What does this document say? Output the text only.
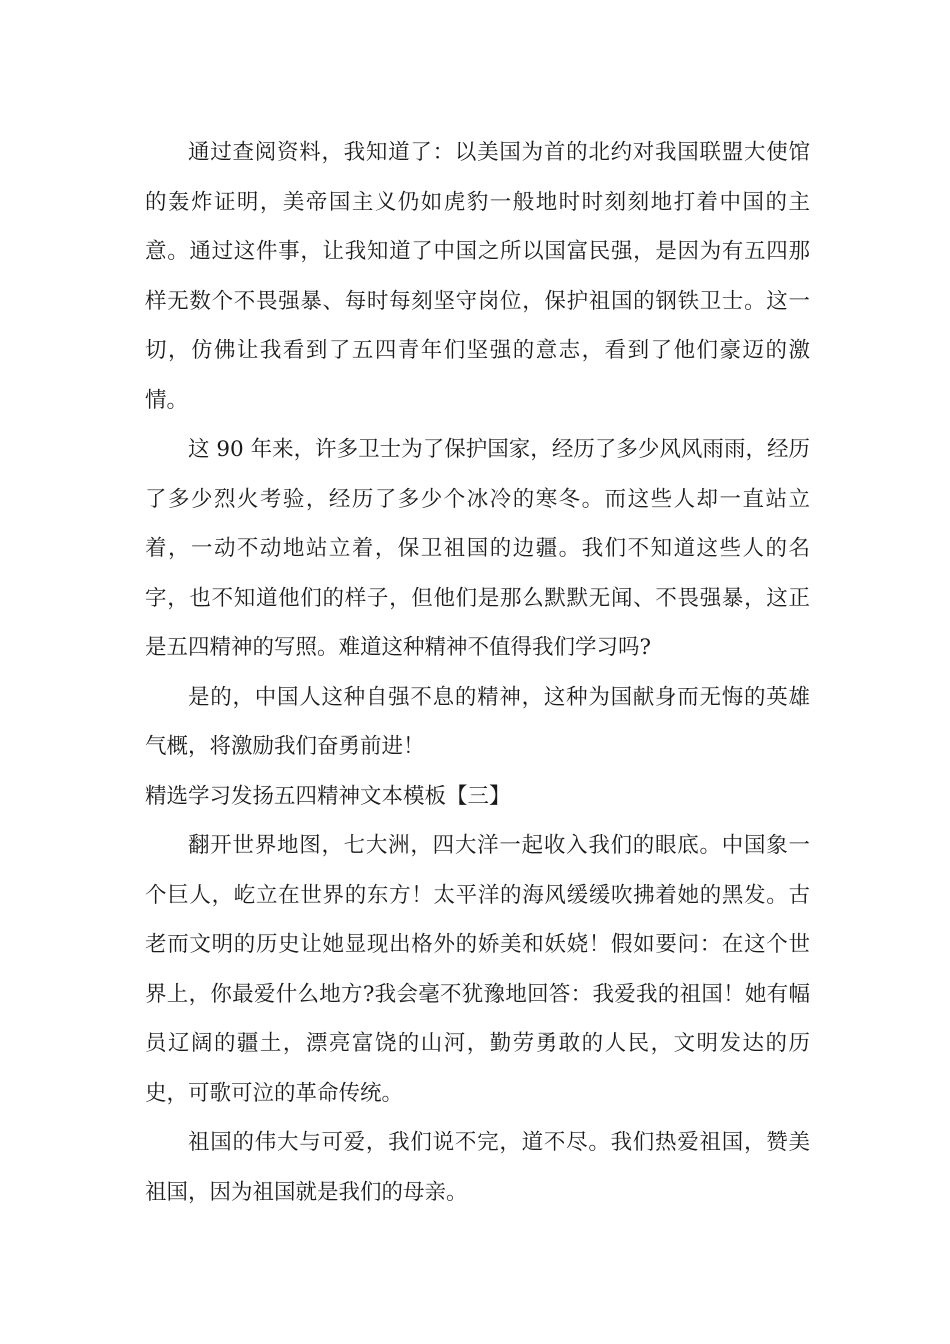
通过查阅资料，我知道了：以美国为首的北约对我国联盟大使馆的轰炸证明，美帝国主义仍如虎豹一般地时时刻刻地打着中国的主意。通过这件事，让我知道了中国之所以国富民强，是因为有五四那样无数个不畏强暴、每时每刻坚守岗位，保护祖国的钢铁卫士。这一切，仿佛让我看到了五四青年们坚强的意志，看到了他们豪迈的激情。

这 90 年来，许多卫士为了保护国家，经历了多少风风雨雨，经历了多少烈火考验，经历了多少个冰冷的寒冬。而这些人却一直站立着，一动不动地站立着，保卫祖国的边疆。我们不知道这些人的名字，也不知道他们的样子，但他们是那么默默无闻、不畏强暴，这正是五四精神的写照。难道这种精神不值得我们学习吗?

是的，中国人这种自强不息的精神，这种为国献身而无悔的英雄气概，将激励我们奋勇前进！

精选学习发扬五四精神文本模板【三】

翻开世界地图，七大洲，四大洋一起收入我们的眼底。中国象一个巨人，屹立在世界的东方！太平洋的海风缓缓吹拂着她的黑发。古老而文明的历史让她显现出格外的娇美和妖娆！假如要问：在这个世界上，你最爱什么地方?我会毫不犹豫地回答：我爱我的祖国！她有幅员辽阔的疆土，漂亮富饶的山河，勤劳勇敢的人民，文明发达的历史，可歌可泣的革命传统。

祖国的伟大与可爱，我们说不完，道不尽。我们热爱祖国，赞美祖国，因为祖国就是我们的母亲。
